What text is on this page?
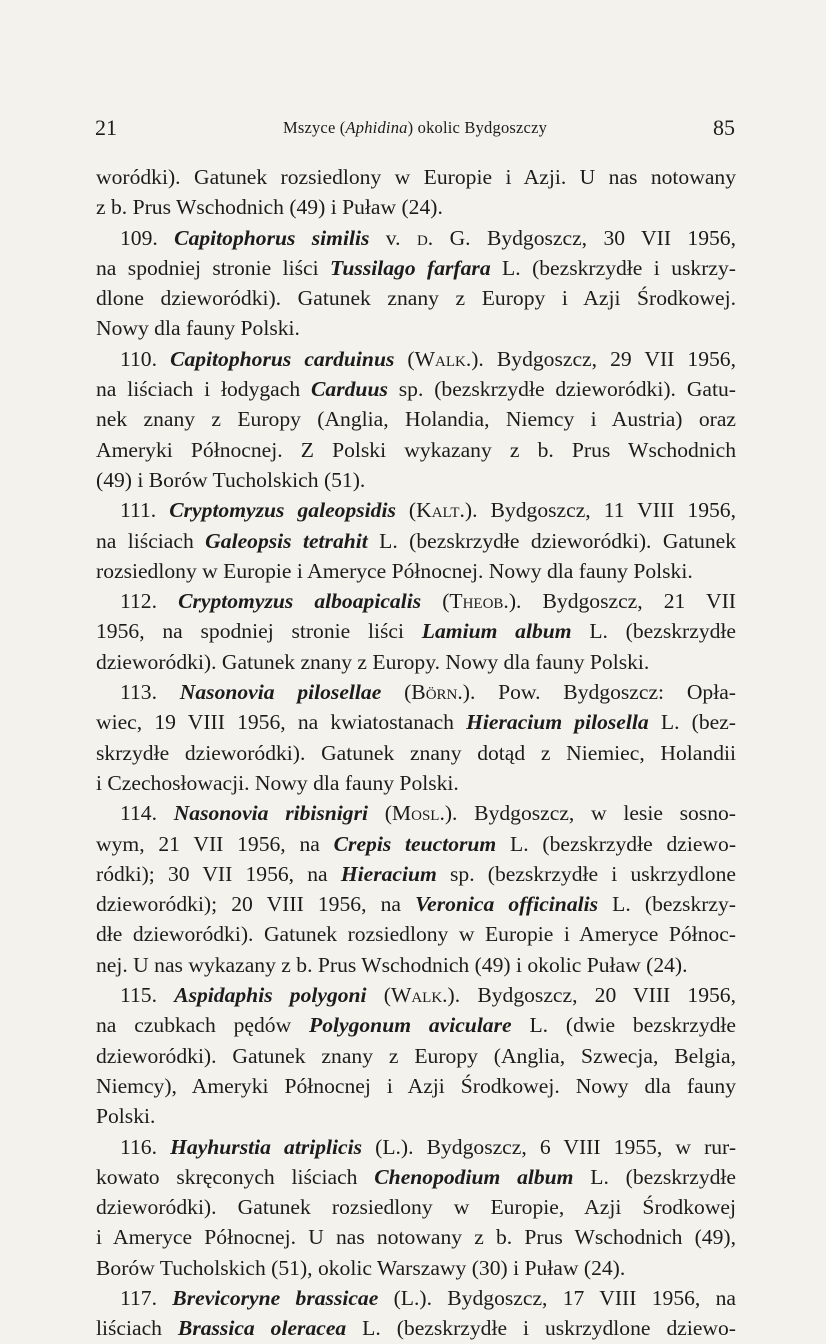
21	Mszyce (Aphidina) okolic Bydgoszczy	85
woródki). Gatunek rozsiedlony w Europie i Azji. U nas notowany
z b. Prus Wschodnich (49) i Puław (24).
109. Capitophorus similis v. d. G. Bydgoszcz, 30 VII 1956,
na spodniej stronie liści Tussilago farfara L. (bezskrzydłe i uskrzy-
dlone dzieworódki). Gatunek znany z Europy i Azji Środkowej.
Nowy dla fauny Polski.
110. Capitophorus carduinus (Walk.). Bydgoszcz, 29 VII 1956,
na liściach i łodygach Carduus sp. (bezskrzydłe dzieworódki). Gatu-
nek znany z Europy (Anglia, Holandia, Niemcy i Austria) oraz
Ameryki Północnej. Z Polski wykazany z b. Prus Wschodnich
(49) i Borów Tucholskich (51).
111. Cryptomyzus galeopsidis (Kalt.). Bydgoszcz, 11 VIII 1956,
na liściach Galeopsis tetrahit L. (bezskrzydłe dzieworódki). Gatunek
rozsiedlony w Europie i Ameryce Północnej. Nowy dla fauny Polski.
112. Cryptomyzus alboapicalis (Theob.). Bydgoszcz, 21 VII
1956, na spodniej stronie liści Lamium album L. (bezskrzydłe
dzieworódki). Gatunek znany z Europy. Nowy dla fauny Polski.
113. Nasonovia pilosellae (Börn.). Pow. Bydgoszcz: Opła-
wiec, 19 VIII 1956, na kwiatostanach Hieracium pilosella L. (bez-
skrzydłe dzieworódki). Gatunek znany dotąd z Niemiec, Holandii
i Czechosłowacji. Nowy dla fauny Polski.
114. Nasonovia ribisnigri (Mosl.). Bydgoszcz, w lesie sosno-
wym, 21 VII 1956, na Crepis teuctorum L. (bezskrzydłe dziewo-
ródki); 30 VII 1956, na Hieracium sp. (bezskrzydłe i uskrzydlone
dzieworódki); 20 VIII 1956, na Veronica officinalis L. (bezskrzy-
dłe dzieworódki). Gatunek rozsiedlony w Europie i Ameryce Północ-
nej. U nas wykazany z b. Prus Wschodnich (49) i okolic Puław (24).
115. Aspidaphis polygoni (Walk.). Bydgoszcz, 20 VIII 1956,
na czubkach pędów Polygonum aviculare L. (dwie bezskrzydłe
dzieworódki). Gatunek znany z Europy (Anglia, Szwecja, Belgia,
Niemcy), Ameryki Północnej i Azji Środkowej. Nowy dla fauny
Polski.
116. Hayhurstia atriplicis (L.). Bydgoszcz, 6 VIII 1955, w rur-
kowato skręconych liściach Chenopodium album L. (bezskrzydłe
dzieworódki). Gatunek rozsiedlony w Europie, Azji Środkowej
i Ameryce Północnej. U nas notowany z b. Prus Wschodnich (49),
Borów Tucholskich (51), okolic Warszawy (30) i Puław (24).
117. Brevicoryne brassicae (L.). Bydgoszcz, 17 VIII 1956, na
liściach Brassica oleracea L. (bezskrzydłe i uskrzydlone dziewo-
